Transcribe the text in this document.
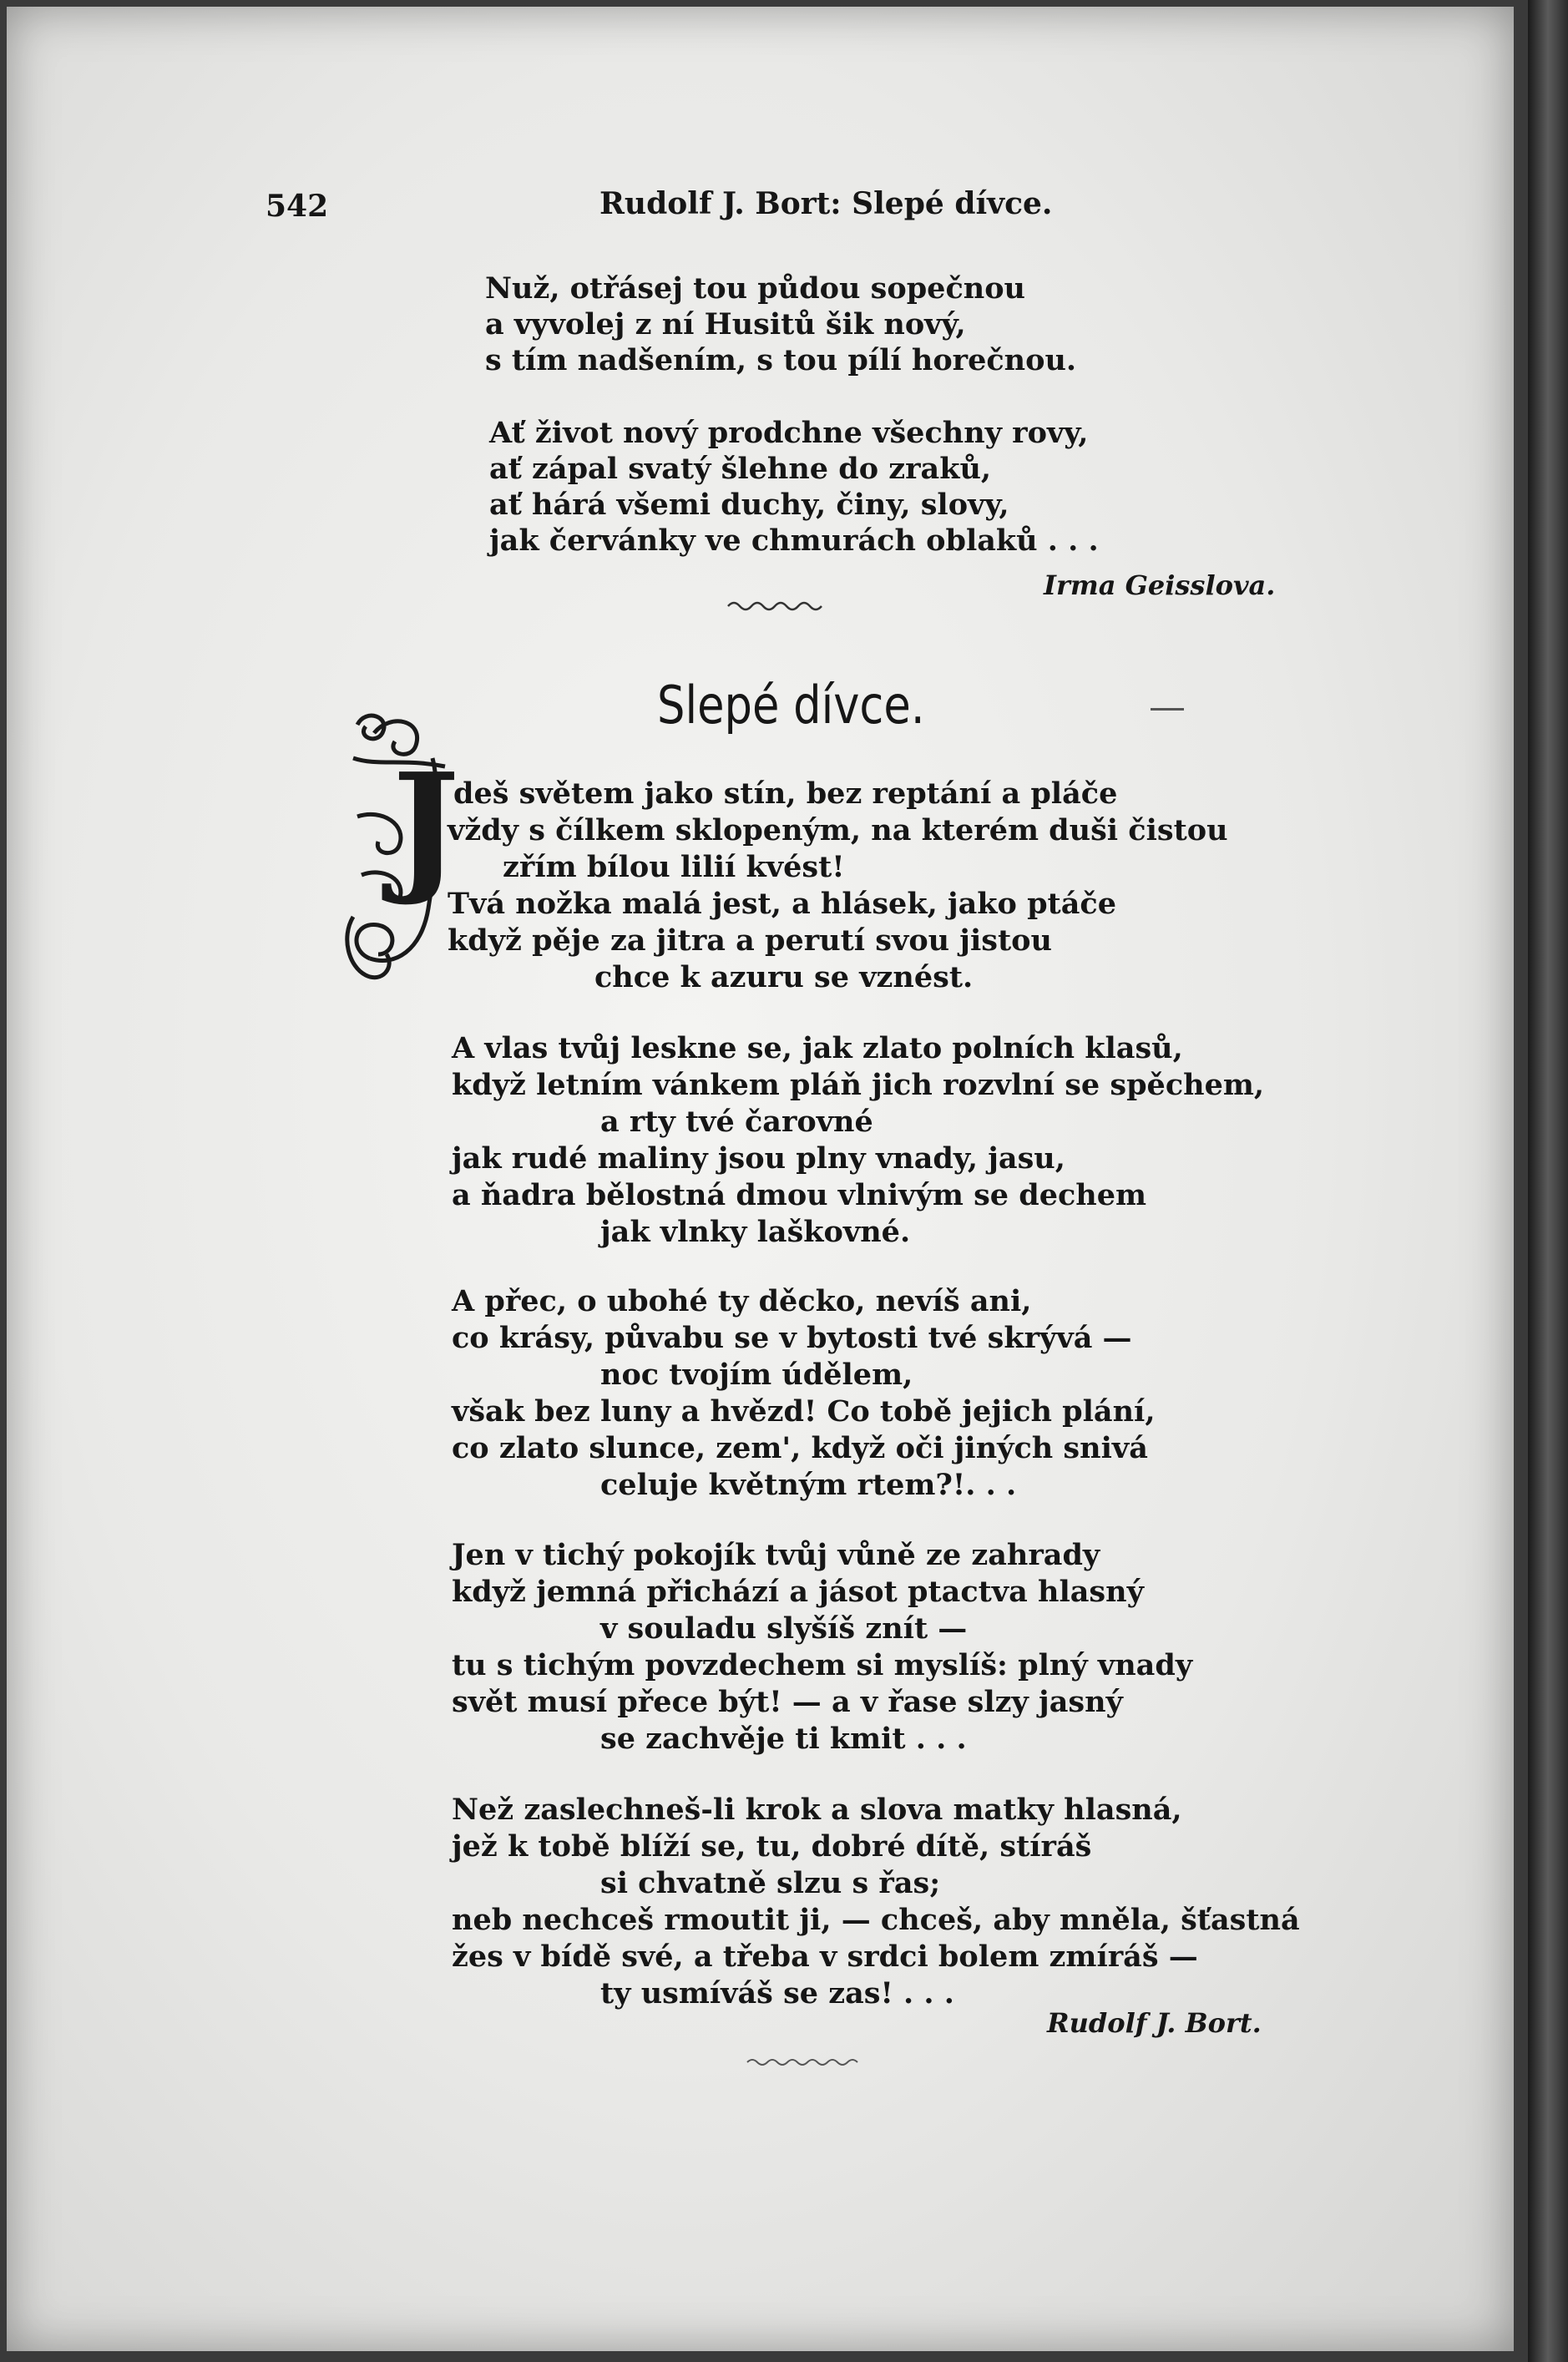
542	Rudolf J. Bort: Slepé dívce.
Nuž, otřásej tou půdou sopečnou
a vyvolej z ní Husitů šik nový,
s tím nadšením, s tou pílí horečnou.
Ať život nový prodchne všechny rovy,
ať zápal svatý šlehne do zraků,
ať hárá všemi duchy, činy, slovy,
jak červánky ve chmurách oblaků . . .
Irma Geisslova.
Slepé dívce.
J
deš světem jako stín, bez reptání a pláče
vždy s čílkem sklopeným, na kterém duši čistou
zřím bílou lilií kvést!
Tvá nožka malá jest, a hlásek, jako ptáče
když pěje za jitra a perutí svou jistou
chce k azuru se vznést.
A vlas tvůj leskne se, jak zlato polních klasů,
když letním vánkem pláň jich rozvlní se spěchem,
a rty tvé čarovné
jak rudé maliny jsou plny vnady, jasu,
a ňadra bělostná dmou vlnivým se dechem
jak vlnky laškovné.
A přec, o ubohé ty děcko, nevíš ani,
co krásy, půvabu se v bytosti tvé skrývá —
noc tvojím údělem,
však bez luny a hvězd! Co tobě jejich plání,
co zlato slunce, zem', když oči jiných snivá
celuje květným rtem?!. . .
Jen v tichý pokojík tvůj vůně ze zahrady
když jemná přichází a jásot ptactva hlasný
v souladu slyšíš znít —
tu s tichým povzdechem si myslíš: plný vnady
svět musí přece být! — a v řase slzy jasný
se zachvěje ti kmit . . .
Než zaslechneš-li krok a slova matky hlasná,
jež k tobě blíží se, tu, dobré dítě, stíráš
si chvatně slzu s řas;
neb nechceš rmoutit ji, — chceš, aby mněla, šťastná
žes v bídě své, a třeba v srdci bolem zmíráš —
ty usmíváš se zas! . . .
Rudolf J. Bort.
